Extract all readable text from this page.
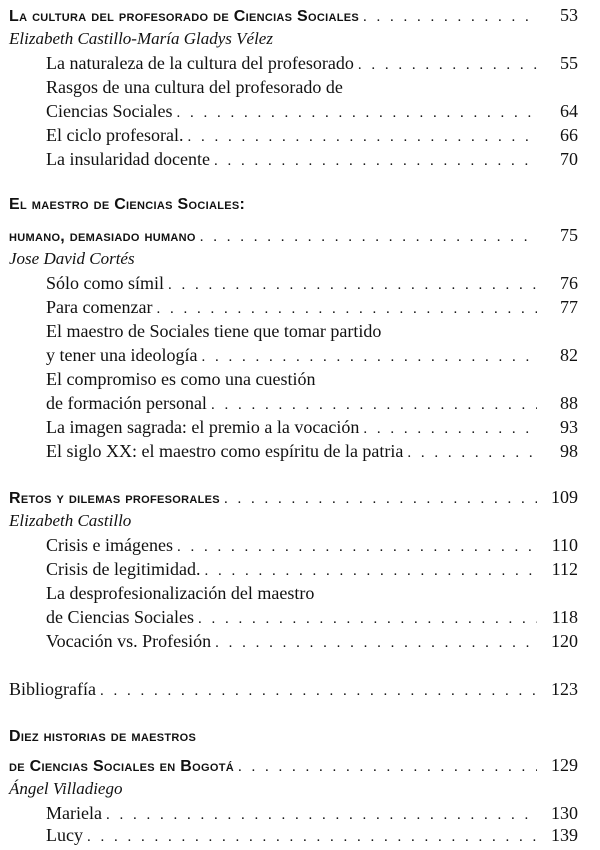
La cultura del profesorado de Ciencias Sociales . . .	53
Elizabeth Castillo-María Gladys Vélez
La naturaleza de la cultura del profesorado . . .	55
Rasgos de una cultura del profesorado de
Ciencias Sociales . . .	64
El ciclo profesoral. . . .	66
La insularidad docente . . .	70
El maestro de Ciencias Sociales:
humano, demasiado humano . . .	75
Jose David Cortés
Sólo como símil . . .	76
Para comenzar . . .	77
El maestro de Sociales tiene que tomar partido
y tener una ideología . . .	82
El compromiso es como una cuestión
de formación personal . . .	88
La imagen sagrada: el premio a la vocación . . .	93
El siglo XX: el maestro como espíritu de la patria . . .	98
Retos y dilemas profesorales . . .	109
Elizabeth Castillo
Crisis e imágenes . . .	110
Crisis de legitimidad. . . .	112
La desprofesionalización del maestro
de Ciencias Sociales . . .	118
Vocación vs. Profesión . . .	120
Bibliografía . . .	123
Diez historias de maestros
de Ciencias Sociales en Bogotá . . .	129
Ángel Villadiego
Mariela . . .	130
Lucy . . .	139
